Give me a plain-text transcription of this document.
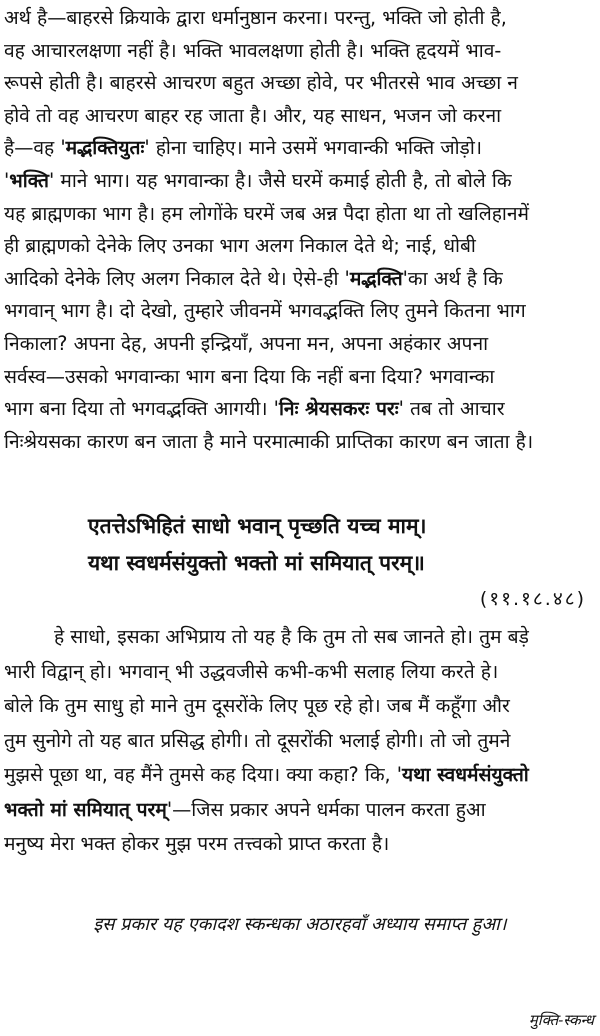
अर्थ है—बाहरसे क्रियाके द्वारा धर्मानुष्ठान करना। परन्तु, भक्ति जो होती है,
वह आचारलक्षणा नहीं है। भक्ति भावलक्षणा होती है। भक्ति हृदयमें भाव-
रूपसे होती है। बाहरसे आचरण बहुत अच्छा होवे, पर भीतरसे भाव अच्छा न
होवे तो वह आचरण बाहर रह जाता है। और, यह साधन, भजन जो करना
है—वह 'मद्भक्तियुतः' होना चाहिए। माने उसमें भगवान्की भक्ति जोड़ो।
'भक्ति' माने भाग। यह भगवान्का है। जैसे घरमें कमाई होती है, तो बोले कि
यह ब्राह्मणका भाग है। हम लोगोंके घरमें जब अन्न पैदा होता था तो खलिहानमें
ही ब्राह्मणको देनेके लिए उनका भाग अलग निकाल देते थे; नाई, धोबी
आदिको देनेके लिए अलग निकाल देते थे। ऐसे-ही 'मद्भक्ति'का अर्थ है कि
भगवान् भाग है। दो देखो, तुम्हारे जीवनमें भगवद्भक्ति लिए तुमने कितना भाग
निकाला? अपना देह, अपनी इन्द्रियाँ, अपना मन, अपना अहंकार अपना
सर्वस्व—उसको भगवान्का भाग बना दिया कि नहीं बना दिया? भगवान्का
भाग बना दिया तो भगवद्भक्ति आगयी। 'निः श्रेयसकरः परः' तब तो आचार
निःश्रेयसका कारण बन जाता है माने परमात्माकी प्राप्तिका कारण बन जाता है।
एतत्तेऽभिहितं साधो भवान् पृच्छति यच्च माम्।
यथा स्वधर्मसंयुक्तो भक्तो मां समियात् परम्॥
(११.१८.४८)
हे साधो, इसका अभिप्राय तो यह है कि तुम तो सब जानते हो। तुम बड़े
भारी विद्वान् हो। भगवान् भी उद्धवजीसे कभी-कभी सलाह लिया करते हे।
बोले कि तुम साधु हो माने तुम दूसरोंके लिए पूछ रहे हो। जब मैं कहूँगा और
तुम सुनोगे तो यह बात प्रसिद्ध होगी। तो दूसरोंकी भलाई होगी। तो जो तुमने
मुझसे पूछा था, वह मैंने तुमसे कह दिया। क्या कहा? कि, 'यथा स्वधर्मसंयुक्तो
भक्तो मां समियात् परम्'—जिस प्रकार अपने धर्मका पालन करता हुआ
मनुष्य मेरा भक्त होकर मुझ परम तत्त्वको प्राप्त करता है।
इस प्रकार यह एकादश स्कन्धका अठारहवाँ अध्याय समाप्त हुआ।
मुक्ति-स्कन्ध
